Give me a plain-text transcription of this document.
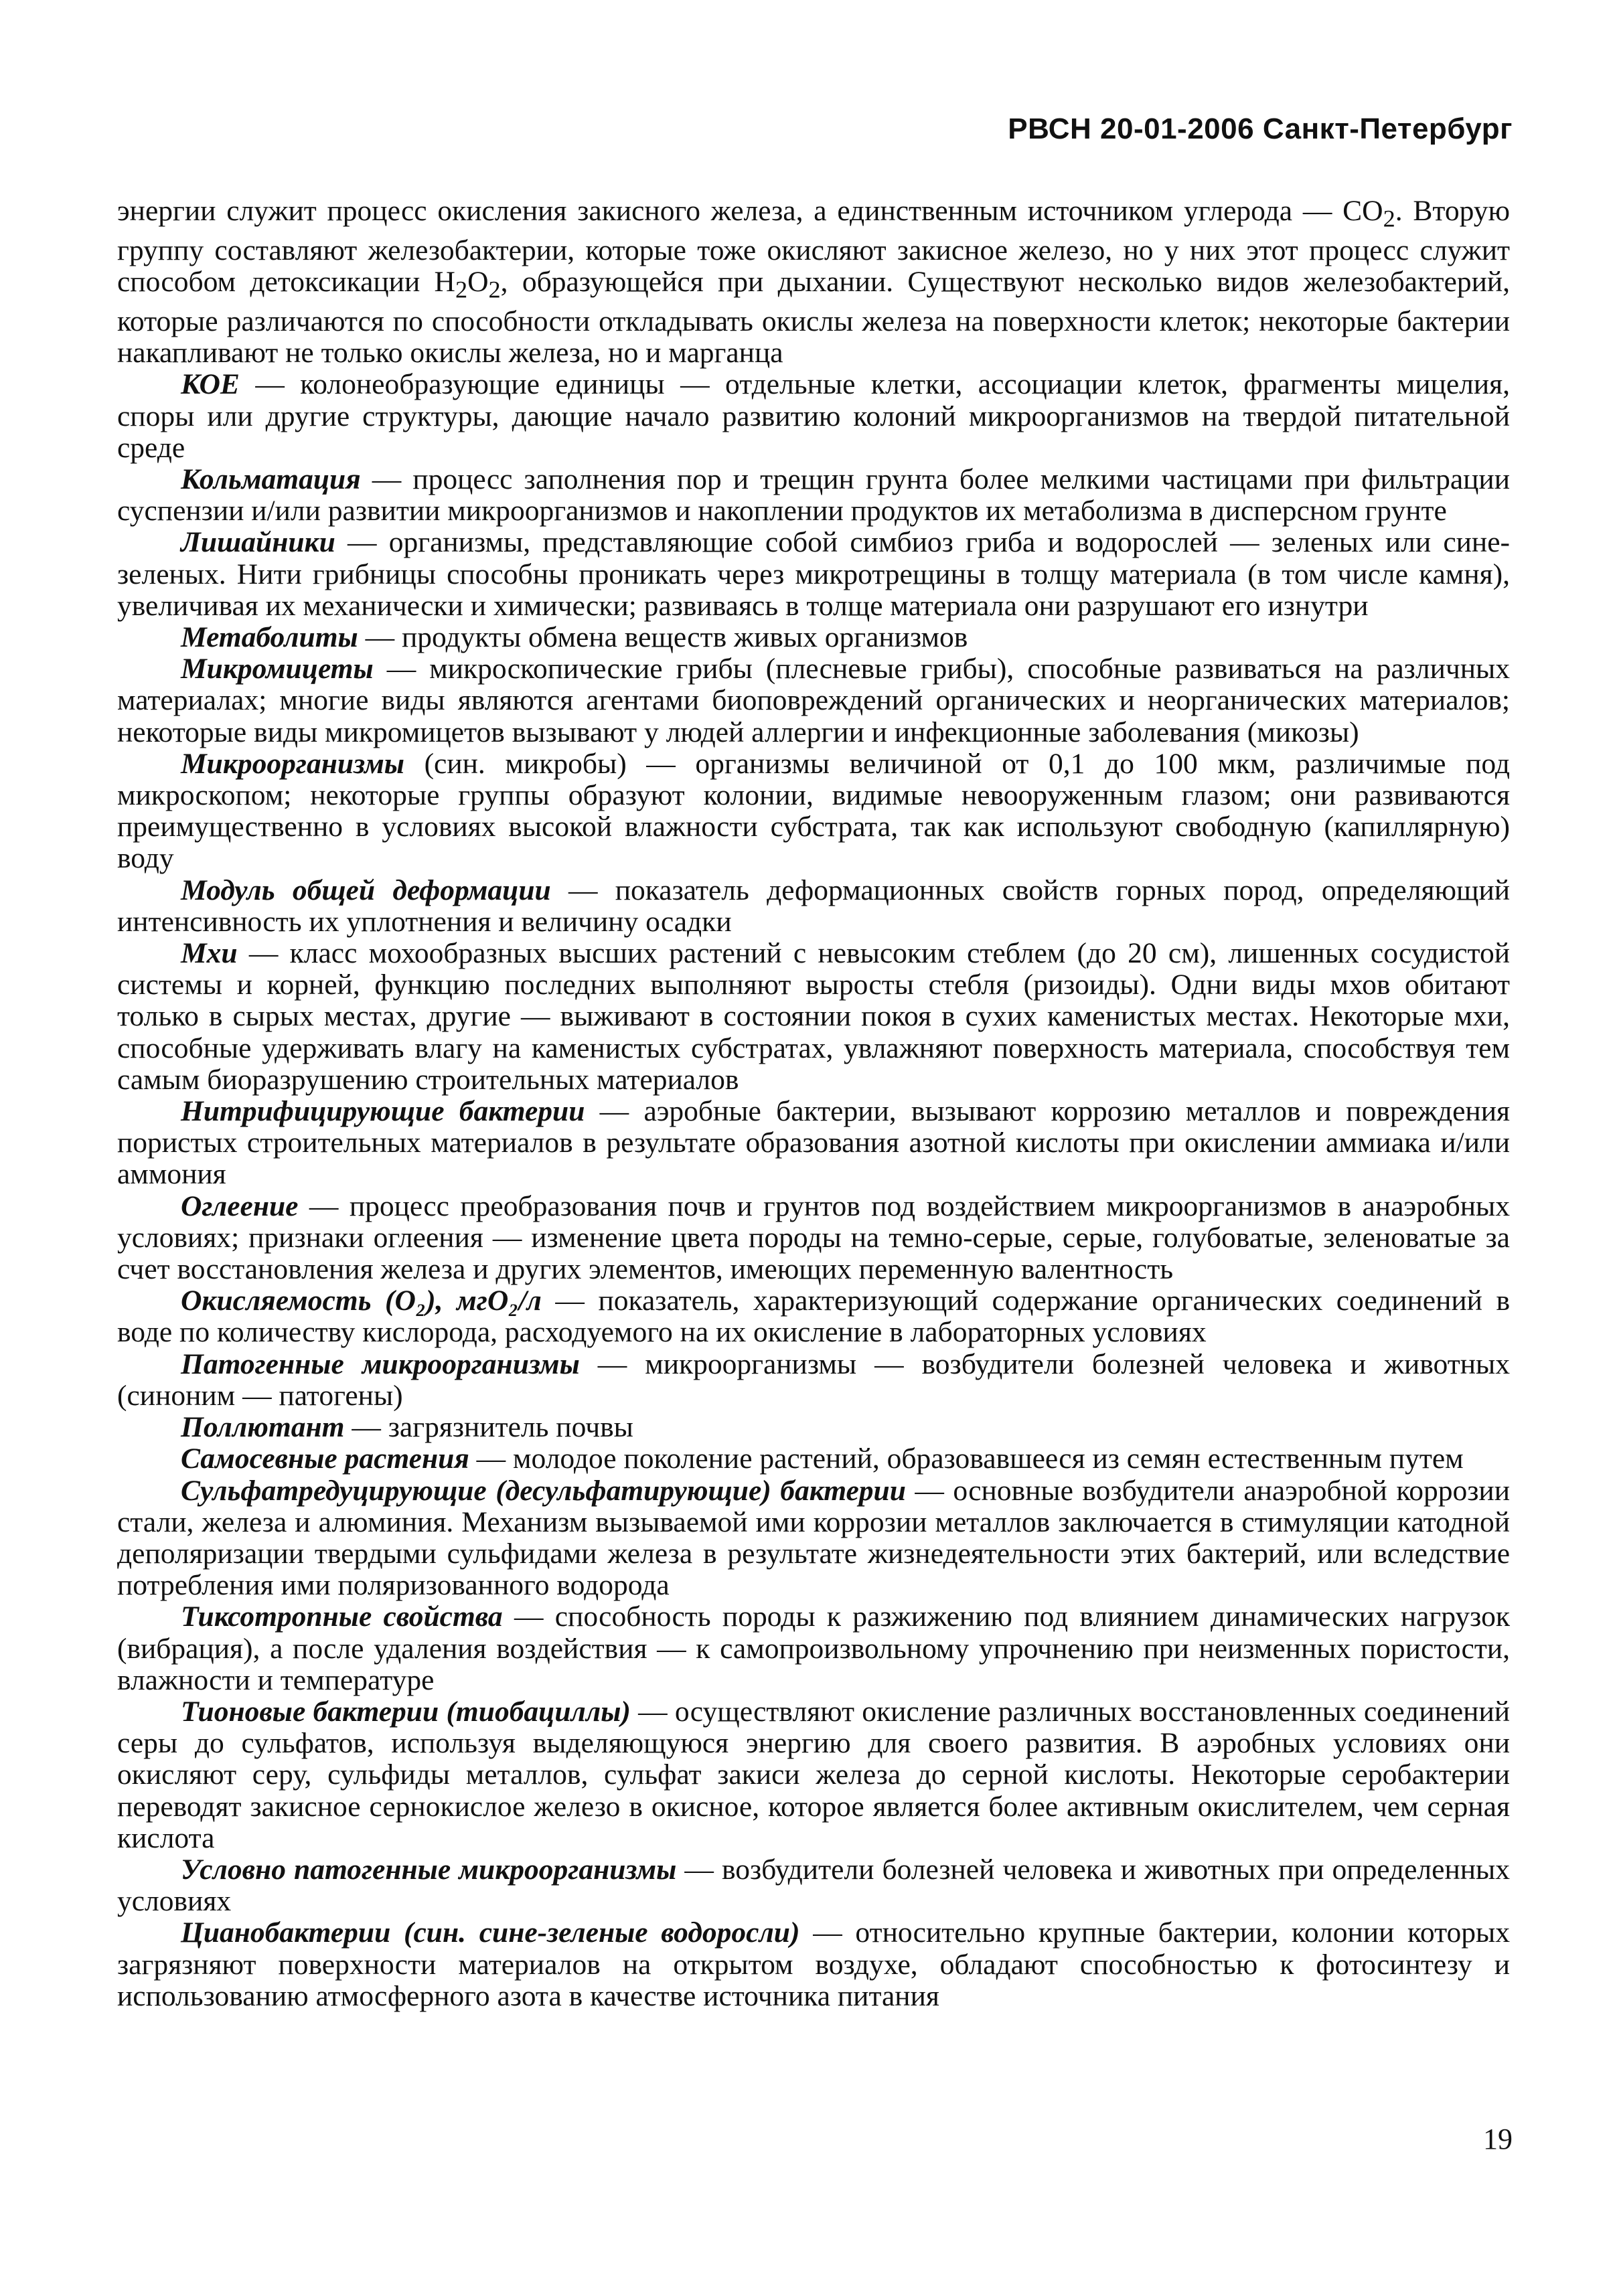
РВСН 20-01-2006 Санкт-Петербург

энергии служит процесс окисления закисного железа, а единственным источником углерода — $CO_2$. Вторую группу составляют железобактерии, которые тоже окисляют закисное железо, но у них этот процесс служит способом детоксикации $H_2O_2$, образующейся при дыхании. Существуют несколько видов железобактерий, которые различаются по способности откладывать окислы железа на поверхности клеток; некоторые бактерии накапливают не только окислы железа, но и марганца

КОЕ — колонеобразующие единицы — отдельные клетки, ассоциации клеток, фрагменты мицелия, споры или другие структуры, дающие начало развитию колоний микроорганизмов на твердой питательной среде

Кольматация — процесс заполнения пор и трещин грунта более мелкими частицами при фильтрации суспензии и/или развитии микроорганизмов и накоплении продуктов их метаболизма в дисперсном грунте

Лишайники — организмы, представляющие собой симбиоз гриба и водорослей — зеленых или сине-зеленых. Нити грибницы способны проникать через микротрещины в толщу материала (в том числе камня), увеличивая их механически и химически; развиваясь в толще материала они разрушают его изнутри

Метаболиты — продукты обмена веществ живых организмов

Микромицеты — микроскопические грибы (плесневые грибы), способные развиваться на различных материалах; многие виды являются агентами биоповреждений органических и неорганических материалов; некоторые виды микромицетов вызывают у людей аллергии и инфекционные заболевания (микозы)

Микроорганизмы (син. микробы) — организмы величиной от 0,1 до 100 мкм, различимые под микроскопом; некоторые группы образуют колонии, видимые невооруженным глазом; они развиваются преимущественно в условиях высокой влажности субстрата, так как используют свободную (капиллярную) воду

Модуль общей деформации — показатель деформационных свойств горных пород, определяющий интенсивность их уплотнения и величину осадки

Мхи — класс мохообразных высших растений с невысоким стеблем (до 20 см), лишенных сосудистой системы и корней, функцию последних выполняют выросты стебля (ризоиды). Одни виды мхов обитают только в сырых местах, другие — выживают в состоянии покоя в сухих каменистых местах. Некоторые мхи, способные удерживать влагу на каменистых субстратах, увлажняют поверхность материала, способствуя тем самым биоразрушению строительных материалов

Нитрифицирующие бактерии — аэробные бактерии, вызывают коррозию металлов и повреждения пористых строительных материалов в результате образования азотной кислоты при окислении аммиака и/или аммония

Оглеение — процесс преобразования почв и грунтов под воздействием микроорганизмов в анаэробных условиях; признаки оглеения — изменение цвета породы на темно-серые, серые, голубоватые, зеленоватые за счет восстановления железа и других элементов, имеющих переменную валентность

Окисляемость (O₂), мгO₂/л — показатель, характеризующий содержание органических соединений в воде по количеству кислорода, расходуемого на их окисление в лабораторных условиях

Патогенные микроорганизмы — микроорганизмы — возбудители болезней человека и животных (синоним — патогены)

Поллютант — загрязнитель почвы

Самосевные растения — молодое поколение растений, образовавшееся из семян естественным путем

Сульфатредуцирующие (десульфатирующие) бактерии — основные возбудители анаэробной коррозии стали, железа и алюминия. Механизм вызываемой ими коррозии металлов заключается в стимуляции катодной деполяризации твердыми сульфидами железа в результате жизнедеятельности этих бактерий, или вследствие потребления ими поляризованного водорода

Тиксотропные свойства — способность породы к разжижению под влиянием динамических нагрузок (вибрация), а после удаления воздействия — к самопроизвольному упрочнению при неизменных пористости, влажности и температуре

Тионовые бактерии (тиобациллы) — осуществляют окисление различных восстановленных соединений серы до сульфатов, используя выделяющуюся энергию для своего развития. В аэробных условиях они окисляют серу, сульфиды металлов, сульфат закиси железа до серной кислоты. Некоторые серобактерии переводят закисное сернокислое железо в окисное, которое является более активным окислителем, чем серная кислота

Условно патогенные микроорганизмы — возбудители болезней человека и животных при определенных условиях

Цианобактерии (син. сине-зеленые водоросли) — относительно крупные бактерии, колонии которых загрязняют поверхности материалов на открытом воздухе, обладают способностью к фотосинтезу и использованию атмосферного азота в качестве источника питания

19
